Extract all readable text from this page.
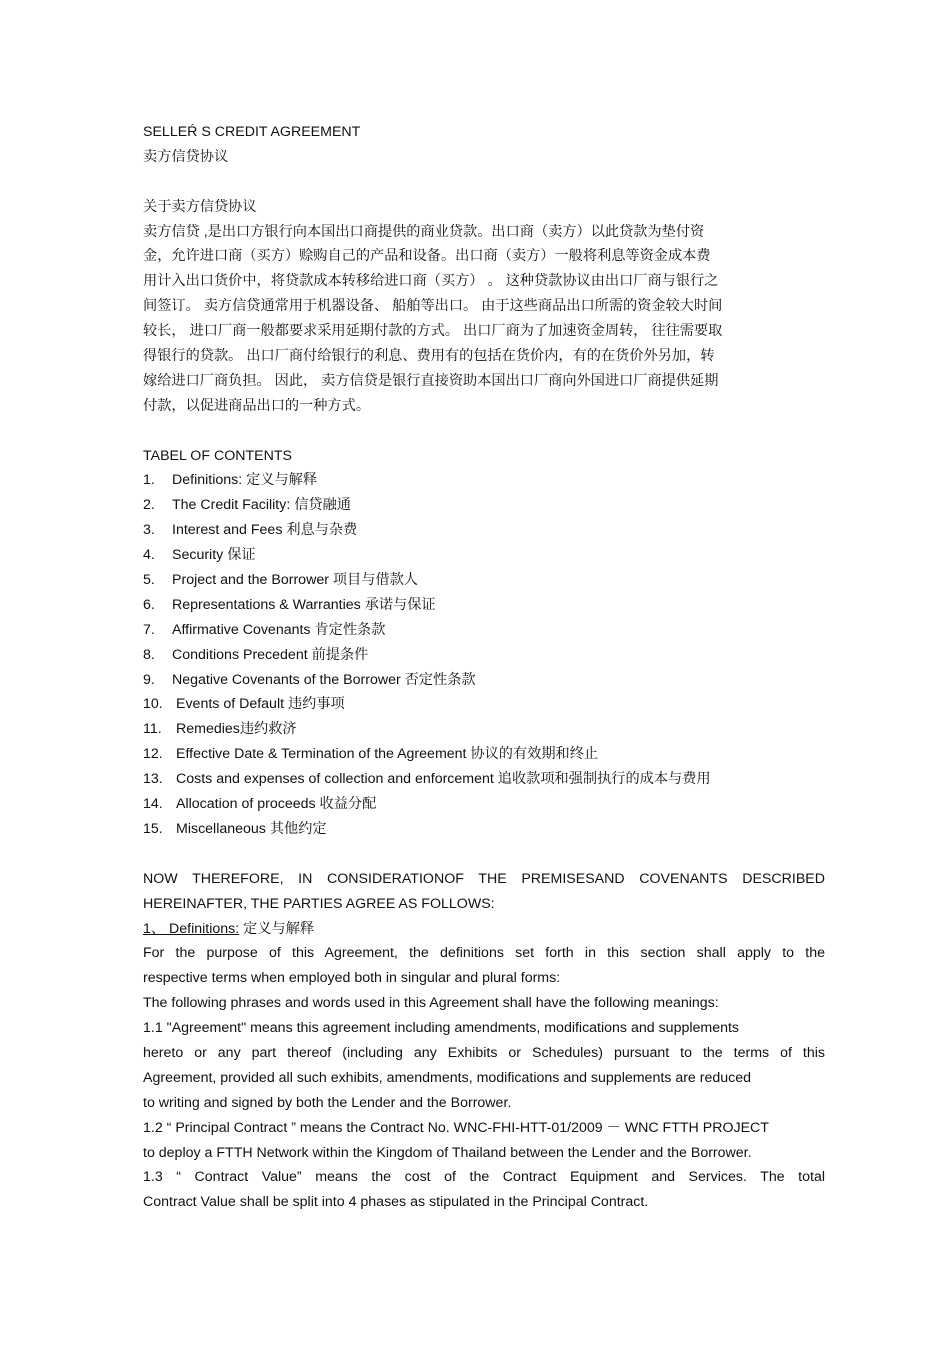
SELLEŔ S CREDIT AGREEMENT
卖方信贷协议
关于卖方信贷协议
卖方信贷 ,是出口方银行向本国出口商提供的商业贷款。出口商（卖方）以此贷款为垫付资
金，允许进口商（买方）赊购自己的产品和设备。出口商（卖方）一般将利息等资金成本费
用计入出口货价中，将贷款成本转移给进口商（买方） 。 这种贷款协议由出口厂商与银行之
间签订。 卖方信贷通常用于机器设备、 船舶等出口。 由于这些商品出口所需的资金较大时间
较长， 进口厂商一般都要求采用延期付款的方式。 出口厂商为了加速资金周转， 往往需要取
得银行的贷款。 出口厂商付给银行的利息、费用有的包括在货价内，有的在货价外另加，转
嫁给进口厂商负担。 因此， 卖方信贷是银行直接资助本国出口厂商向外国进口厂商提供延期
付款，以促进商品出口的一种方式。
TABEL OF CONTENTS
1. Definitions: 定义与解释
2. The Credit Facility: 信贷融通
3. Interest and Fees 利息与杂费
4. Security 保证
5. Project and the Borrower 项目与借款人
6. Representations & Warranties 承诺与保证
7. Affirmative Covenants 肯定性条款
8. Conditions Precedent 前提条件
9. Negative Covenants of the Borrower 否定性条款
10. Events of Default 违约事项
11. Remedies违约救济
12. Effective Date & Termination of the Agreement 协议的有效期和终止
13. Costs and expenses of collection and enforcement 追收款项和强制执行的成本与费用
14. Allocation of proceeds 收益分配
15. Miscellaneous 其他约定
NOW THEREFORE, IN CONSIDERATIONOF THE PREMISESAND COVENANTS DESCRIBED
HEREINAFTER, THE PARTIES AGREE AS FOLLOWS:
1、 Definitions: 定义与解释
For the purpose of this Agreement, the definitions set forth in this section shall apply to the
respective terms when employed both in singular and plural forms:
The following phrases and words used in this Agreement shall have the following meanings:
1.1 "Agreement" means this agreement including amendments, modifications and supplements
hereto or any part thereof (including any Exhibits or Schedules) pursuant to the terms of this
Agreement, provided all such exhibits, amendments, modifications and supplements are reduced
to writing and signed by both the Lender and the Borrower.
1.2 “ Principal Contract ” means the Contract No. WNC-FHI-HTT-01/2009 － WNC FTTH PROJECT
to deploy a FTTH Network within the Kingdom of Thailand between the Lender and the Borrower.
1.3 “ Contract Value” means the cost of the Contract Equipment and Services. The total
Contract Value shall be split into 4 phases as stipulated in the Principal Contract.
